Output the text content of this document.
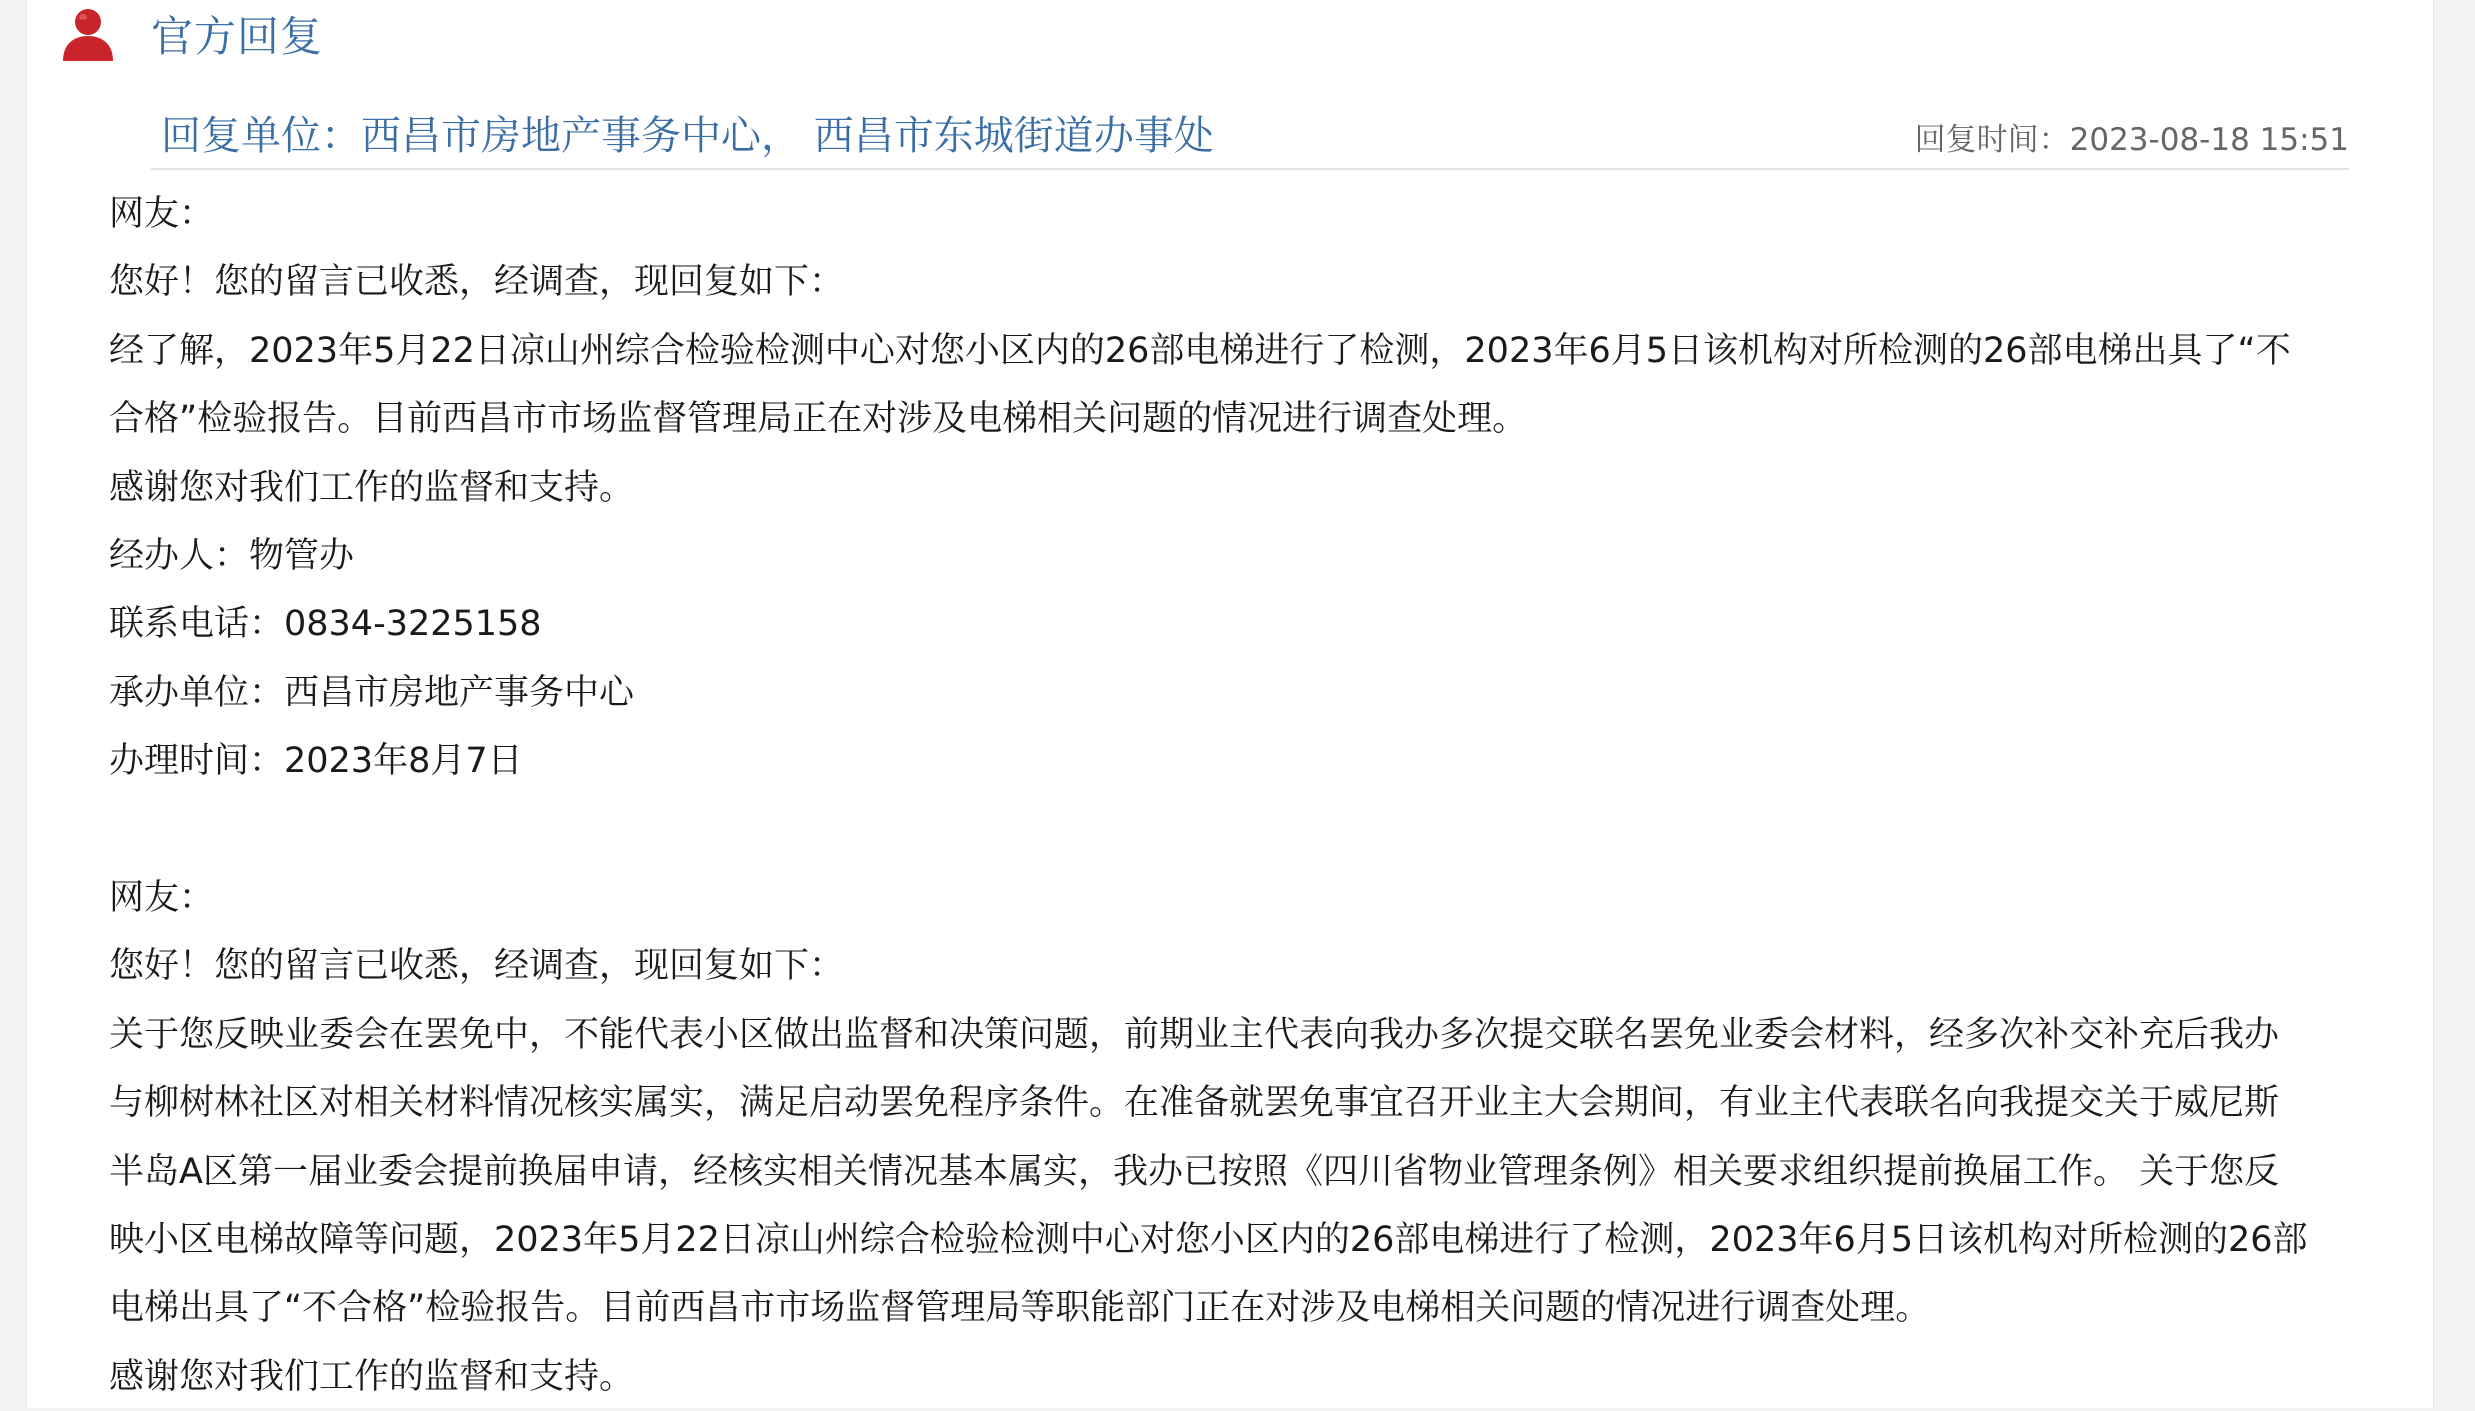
官方回复
回复单位：西昌市房地产事务中心， 西昌市东城街道办事处	回复时间：2023-08-18 15:51

网友：

您好！您的留言已收悉，经调查，现回复如下：

经了解，2023年5月22日凉山州综合检验检测中心对您小区内的26部电梯进行了检测，2023年6月5日该机构对所检测的26部电梯出具了“不

合格”检验报告。目前西昌市市场监督管理局正在对涉及电梯相关问题的情况进行调查处理。

感谢您对我们工作的监督和支持。

经办人：物管办

联系电话：0834-3225158

承办单位：西昌市房地产事务中心

办理时间：2023年8月7日

网友：

您好！您的留言已收悉，经调查，现回复如下：

关于您反映业委会在罢免中，不能代表小区做出监督和决策问题，前期业主代表向我办多次提交联名罢免业委会材料，经多次补交补充后我办

与柳树林社区对相关材料情况核实属实，满足启动罢免程序条件。在准备就罢免事宜召开业主大会期间，有业主代表联名向我提交关于威尼斯

半岛A区第一届业委会提前换届申请，经核实相关情况基本属实，我办已按照《四川省物业管理条例》相关要求组织提前换届工作。 关于您反

映小区电梯故障等问题，2023年5月22日凉山州综合检验检测中心对您小区内的26部电梯进行了检测，2023年6月5日该机构对所检测的26部

电梯出具了“不合格”检验报告。目前西昌市市场监督管理局等职能部门正在对涉及电梯相关问题的情况进行调查处理。

感谢您对我们工作的监督和支持。
